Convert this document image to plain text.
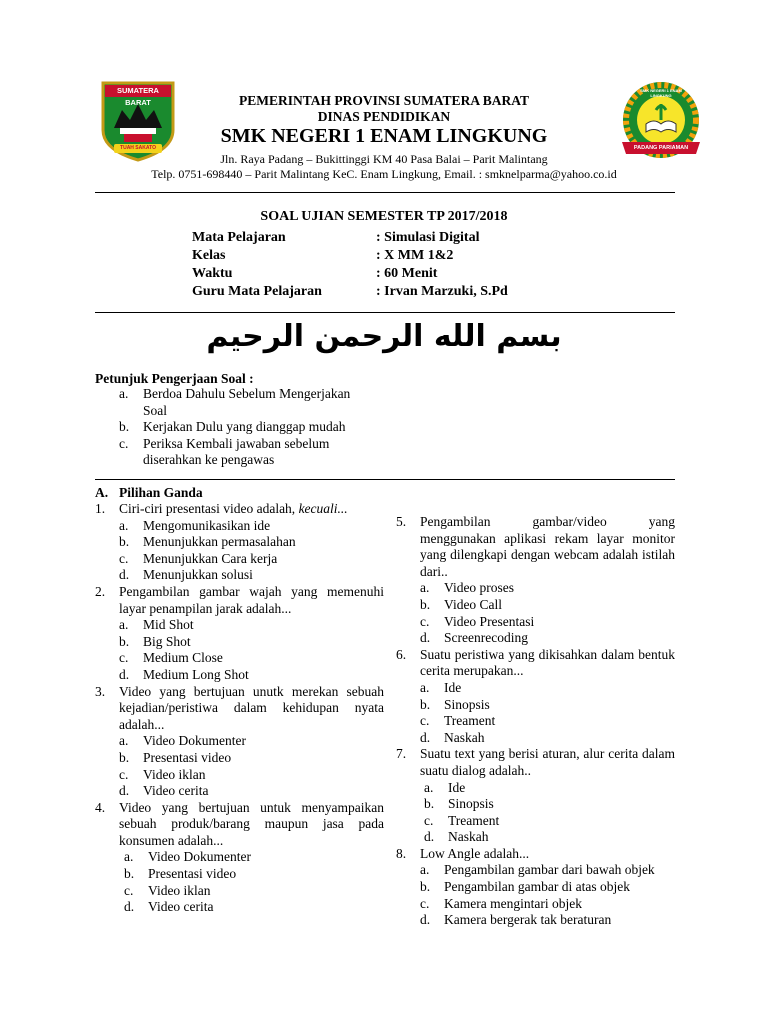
SUMATERA BARAT
TUAH SAKATO	PADANG PARIAMAN
SMK NEGERI 1 ENAM LINGKUNG
PEMERINTAH PROVINSI SUMATERA BARAT
DINAS PENDIDIKAN
SMK NEGERI 1 ENAM LINGKUNG
Jln. Raya Padang – Bukittinggi KM 40 Pasa Balai – Parit Malintang
Telp. 0751-698440 – Parit Malintang KeC. Enam Lingkung, Email. : smknelparma@yahoo.co.id
SOAL UJIAN SEMESTER TP 2017/2018
Mata Pelajaran	: Simulasi Digital
Kelas	: X MM 1&2
Waktu	: 60 Menit
Guru Mata Pelajaran	: Irvan Marzuki, S.Pd
بسم الله الرحمن الرحيم
Petunjuk Pengerjaan Soal :
a. Berdoa Dahulu Sebelum Mengerjakan Soal
b. Kerjakan Dulu yang dianggap mudah
c. Periksa Kembali jawaban sebelum diserahkan ke pengawas
A. Pilihan Ganda
1. Ciri-ciri presentasi video adalah, kecuali...
a. Mengomunikasikan ide
b. Menunjukkan permasalahan
c. Menunjukkan Cara kerja
d. Menunjukkan solusi
2. Pengambilan gambar wajah yang memenuhi layar penampilan jarak adalah...
a. Mid Shot
b. Big Shot
c. Medium Close
d. Medium Long Shot
3. Video yang bertujuan unutk merekan sebuah kejadian/peristiwa dalam kehidupan nyata adalah...
a. Video Dokumenter
b. Presentasi video
c. Video iklan
d. Video cerita
4. Video yang bertujuan untuk menyampaikan sebuah produk/barang maupun jasa pada konsumen adalah...
a. Video Dokumenter
b. Presentasi video
c. Video iklan
d. Video cerita
5. Pengambilan gambar/video yang menggunakan aplikasi rekam layar monitor yang dilengkapi dengan webcam adalah istilah dari..
a. Video proses
b. Video Call
c. Video Presentasi
d. Screenrecoding
6. Suatu peristiwa yang dikisahkan dalam bentuk cerita merupakan...
a. Ide
b. Sinopsis
c. Treament
d. Naskah
7. Suatu text yang berisi aturan, alur cerita dalam suatu dialog adalah..
a. Ide
b. Sinopsis
c. Treament
d. Naskah
8. Low Angle adalah...
a. Pengambilan gambar dari bawah objek
b. Pengambilan gambar di atas objek
c. Kamera mengintari objek
d. Kamera bergerak tak beraturan
